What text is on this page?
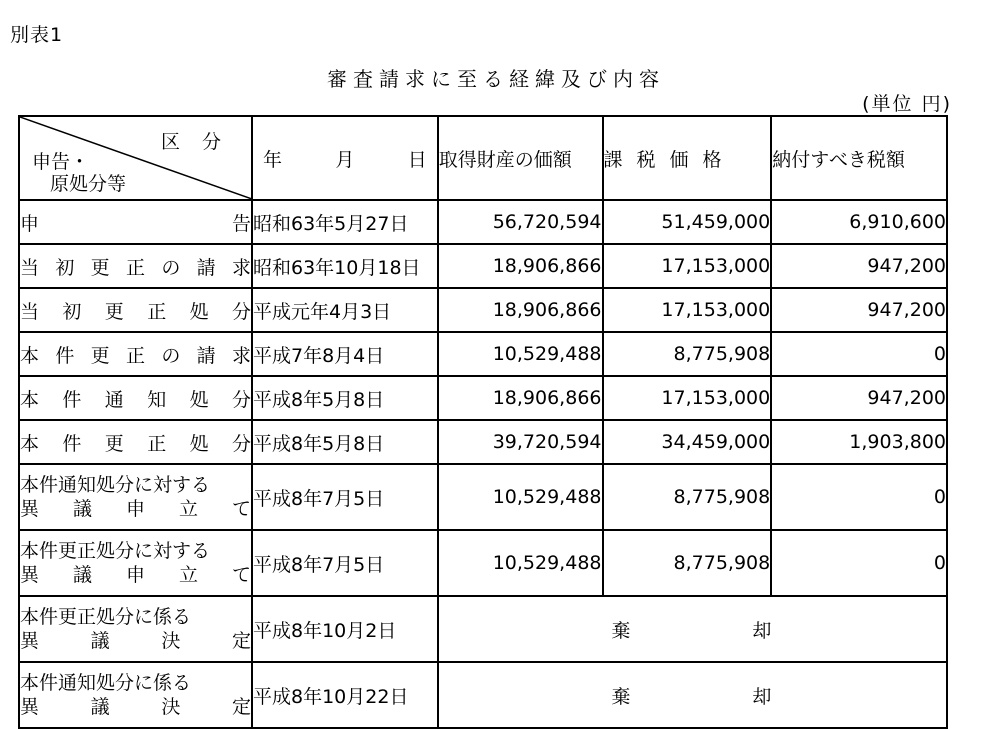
別表1
審査請求に至る経緯及び内容
(単位 円)
区分
申告・
原処分等	年 月 日	取得財産の価額	課税価格	納付すべき税額
申告	昭和63年5月27日	56,720,594	51,459,000	6,910,600
当初更正の請求	昭和63年10月18日	18,906,866	17,153,000	947,200
当初更正処分	平成元年4月3日	18,906,866	17,153,000	947,200
本件更正の請求	平成7年8月4日	10,529,488	8,775,908	0
本件通知処分	平成8年5月8日	18,906,866	17,153,000	947,200
本件更正処分	平成8年5月8日	39,720,594	34,459,000	1,903,800

本件通知処分に対する
異議申立て	平成8年7月5日	10,529,488	8,775,908	0

本件更正処分に対する
異議申立て	平成8年7月5日	10,529,488	8,775,908	0

本件更正処分に係る
異議決定	平成8年10月2日	棄 却		

本件通知処分に係る
異議決定	平成8年10月22日	棄 却		
